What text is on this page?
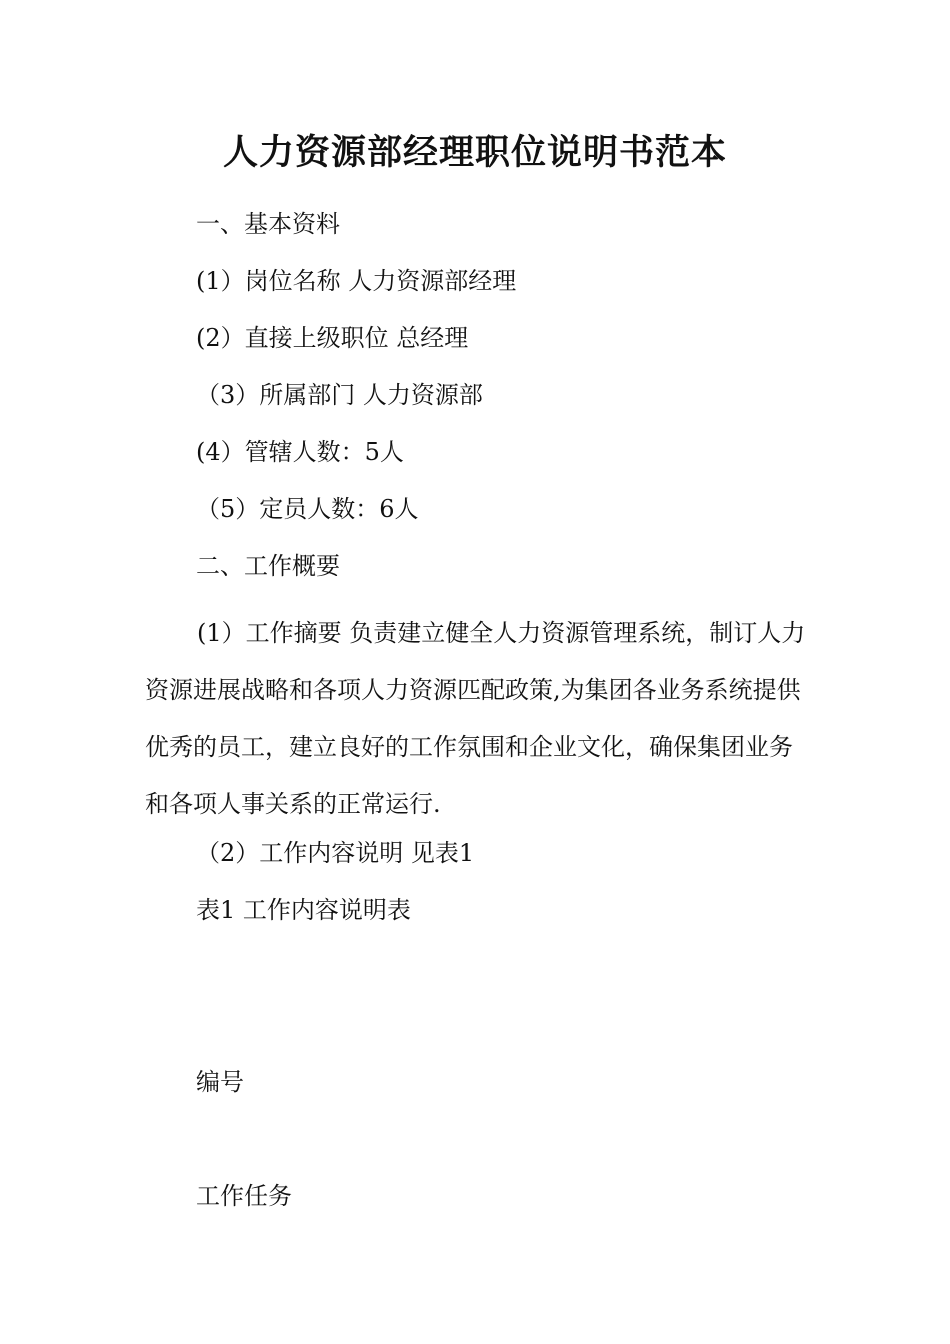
人力资源部经理职位说明书范本
一、基本资料
(1）岗位名称 人力资源部经理
(2）直接上级职位 总经理
（3）所属部门 人力资源部
(4）管辖人数：5人
（5）定员人数：6人
二、工作概要
(1）工作摘要 负责建立健全人力资源管理系统，制订人力资源进展战略和各项人力资源匹配政策,为集团各业务系统提供优秀的员工，建立良好的工作氛围和企业文化，确保集团业务和各项人事关系的正常运行.
（2）工作内容说明 见表1
表1 工作内容说明表
编号
工作任务
